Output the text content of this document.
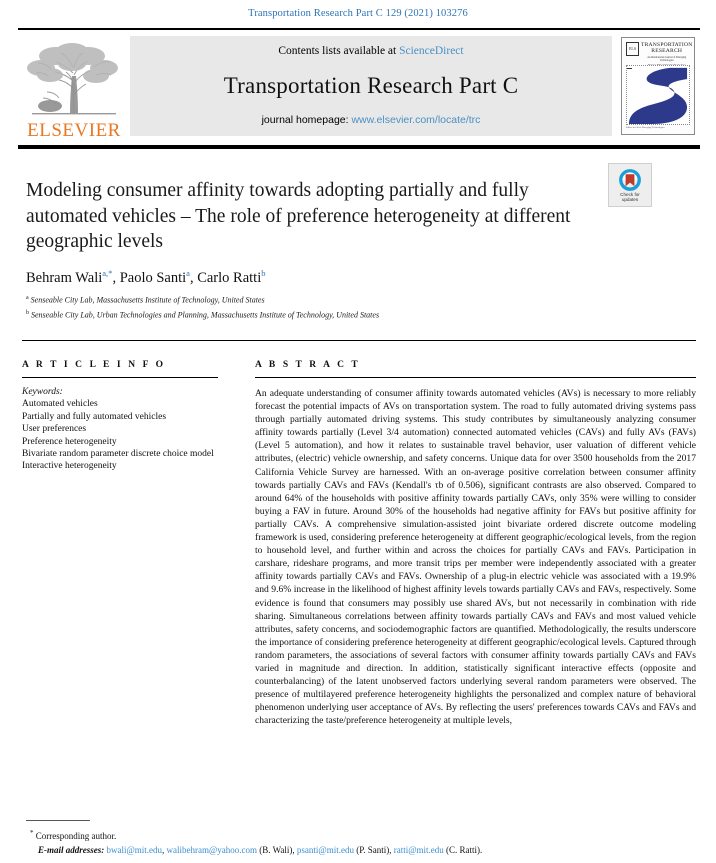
Transportation Research Part C 129 (2021) 103276
ELSEVIER
Contents lists available at ScienceDirect
Transportation Research Part C
journal homepage: www.elsevier.com/locate/trc
ELS
TRANSPORTATION
RESEARCH
An International Journal of Emerging Technologies
Editor-in-Chief: Emerging Technologies
Check for
updates
Modeling consumer affinity towards adopting partially and fully automated vehicles – The role of preference heterogeneity at different geographic levels
Behram Wali$^{a,*}$, Paolo Santi$^a$, Carlo Ratti$^b$
$^a$ Senseable City Lab, Massachusetts Institute of Technology, United States
$^b$ Senseable City Lab, Urban Technologies and Planning, Massachusetts Institute of Technology, United States
A R T I C L E I N F O
Keywords:
Automated vehicles
Partially and fully automated vehicles
User preferences
Preference heterogeneity
Bivariate random parameter discrete choice model
Interactive heterogeneity
A B S T R A C T
An adequate understanding of consumer affinity towards automated vehicles (AVs) is necessary to more reliably forecast the potential impacts of AVs on transportation system. The road to fully automated driving systems pass through partially automated driving systems. This study contributes by simultaneously analyzing consumer affinity towards partially (Level 3/4 automation) connected automated vehicles (CAVs) and fully AVs (FAVs) (Level 5 automation), and how it relates to sustainable travel behavior, user valuation of different vehicle attributes, (electric) vehicle ownership, and safety concerns. Unique data for over 3500 households from the 2017 California Vehicle Survey are harnessed. With an on-average positive correlation between consumer affinity towards partially CAVs and FAVs (Kendall's τb of 0.506), significant contrasts are also observed. Compared to around 64% of the households with positive affinity towards partially CAVs, only 35% were willing to consider buying a FAV in future. Around 30% of the households had negative affinity for FAVs but positive affinity for partially CAVs. A comprehensive simulation-assisted joint bivariate ordered discrete outcome modeling framework is used, considering preference heterogeneity at different geographic/ecological levels, from the region to household level, and further within and across the choices for partially CAVs and FAVs. Participation in carshare, rideshare programs, and more transit trips per member were independently associated with a greater affinity towards partially CAVs and FAVs. Ownership of a plug-in electric vehicle was associated with a 19.9% and 9.6% increase in the likelihood of highest affinity levels towards partially CAVs and FAVs, respectively. Some evidence is found that consumers may possibly use shared AVs, but not necessarily in combination with ride sharing. Simultaneous correlations between affinity towards partially CAVs and FAVs and most valued vehicle attributes, safety concerns, and sociodemographic factors are quantified. Methodologically, the results underscore the importance of considering preference heterogeneity at different geographic/ecological levels. Captured through random parameters, the associations of several factors with consumer affinity towards partially CAVs and FAVs varied in magnitude and direction. In addition, statistically significant interactive effects (opposite and counterbalancing) of the latent unobserved factors underlying several random parameters were observed. The presence of multilayered preference heterogeneity highlights the personalized and complex nature of behavioral phenomenon underlying user acceptance of AVs. By reflecting the users' preferences towards CAVs and FAVs and characterizing the taste/preference heterogeneity at multiple levels,
* Corresponding author.
E-mail addresses: bwali@mit.edu, walibehram@yahoo.com (B. Wali), psanti@mit.edu (P. Santi), ratti@mit.edu (C. Ratti).
